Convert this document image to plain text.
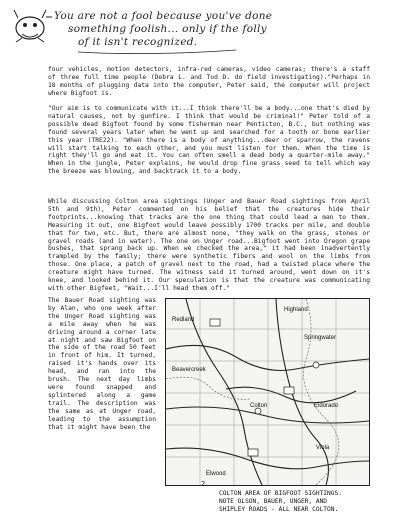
You are not a fool because you've done
something foolish... only if the folly
of it isn't recognized.

four vehicles, motion detectors, infra-red cameras, video cameras; there's a staff of three full time people (Debra L. and Tod D. do field investigating)."Perhaps in 18 months of plugging data into the computer, Peter said, the computer will project where Bigfoot is.

"Our aim is to communicate with it...I think there'll be a body...one that's died by natural causes, not by gunfire. I think that would be criminal!" Peter told of a possible dead Bigfoot found by some fisherman near Penticton, B.C., but nothing was found several years later when he went up and searched for a tooth or bone earlier this year (TRE22). "When there is a body of anything...deer or sparrow, the ravens will start talking to each other, and you must listen for them. When the time is right they'll go and eat it. You can often smell a dead body a quarter-mile away." When in the jungle, Peter explains, he would drop fine grass seed to tell which way the breeze was blowing, and backtrack it to a body.

While discussing Colton area sightings (Unger and Bauer Road sightings from April 5th and 9th), Peter commented on his belief that the creatures hide their footprints...knowing that tracks are the one thing that could lead a man to them. Measuring it out, one Bigfoot would leave possibly 1700 tracks per mile, and double that for two, etc. But, there are almost none, "they walk on the grass, stones or gravel roads (and in water). The one on Unger road...Bigfoot went into Oregon grape bushes, that sprang back up. When we checked the area," it had been inadvertently trampled by the family; there were synthetic fibers and wool on the limbs from those. One place, a patch of gravel next to the road, had a twisted place where the creature might have turned. The witness said it turned around, went down on it's knee, and looked behind it. Our speculation is that the creature was communicating with other Bigfeet, "Wait...I'll head them off."

The Bauer Road sighting was by Alan, who one week after the Unger Road sighting was a mile away when he was driving around a corner late at night and saw Bigfoot on the side of the road 50 feet in front of him. It turned, raised it's hands over its head, and ran into the brush. The next day limbs were found snapped and splintered along a game trail. The description was the same as at Unger road, leading to the assumption that it might have been the

Highland
Springwater
Redland
Colton	Eldorado
Beavercreek
Viola
Elwood
2
COLTON AREA OF BIGFOOT SIGHTINGS.
NOTE OLSON, BAUER, UNGER, AND
SHIPLEY ROADS - ALL NEAR COLTON.
